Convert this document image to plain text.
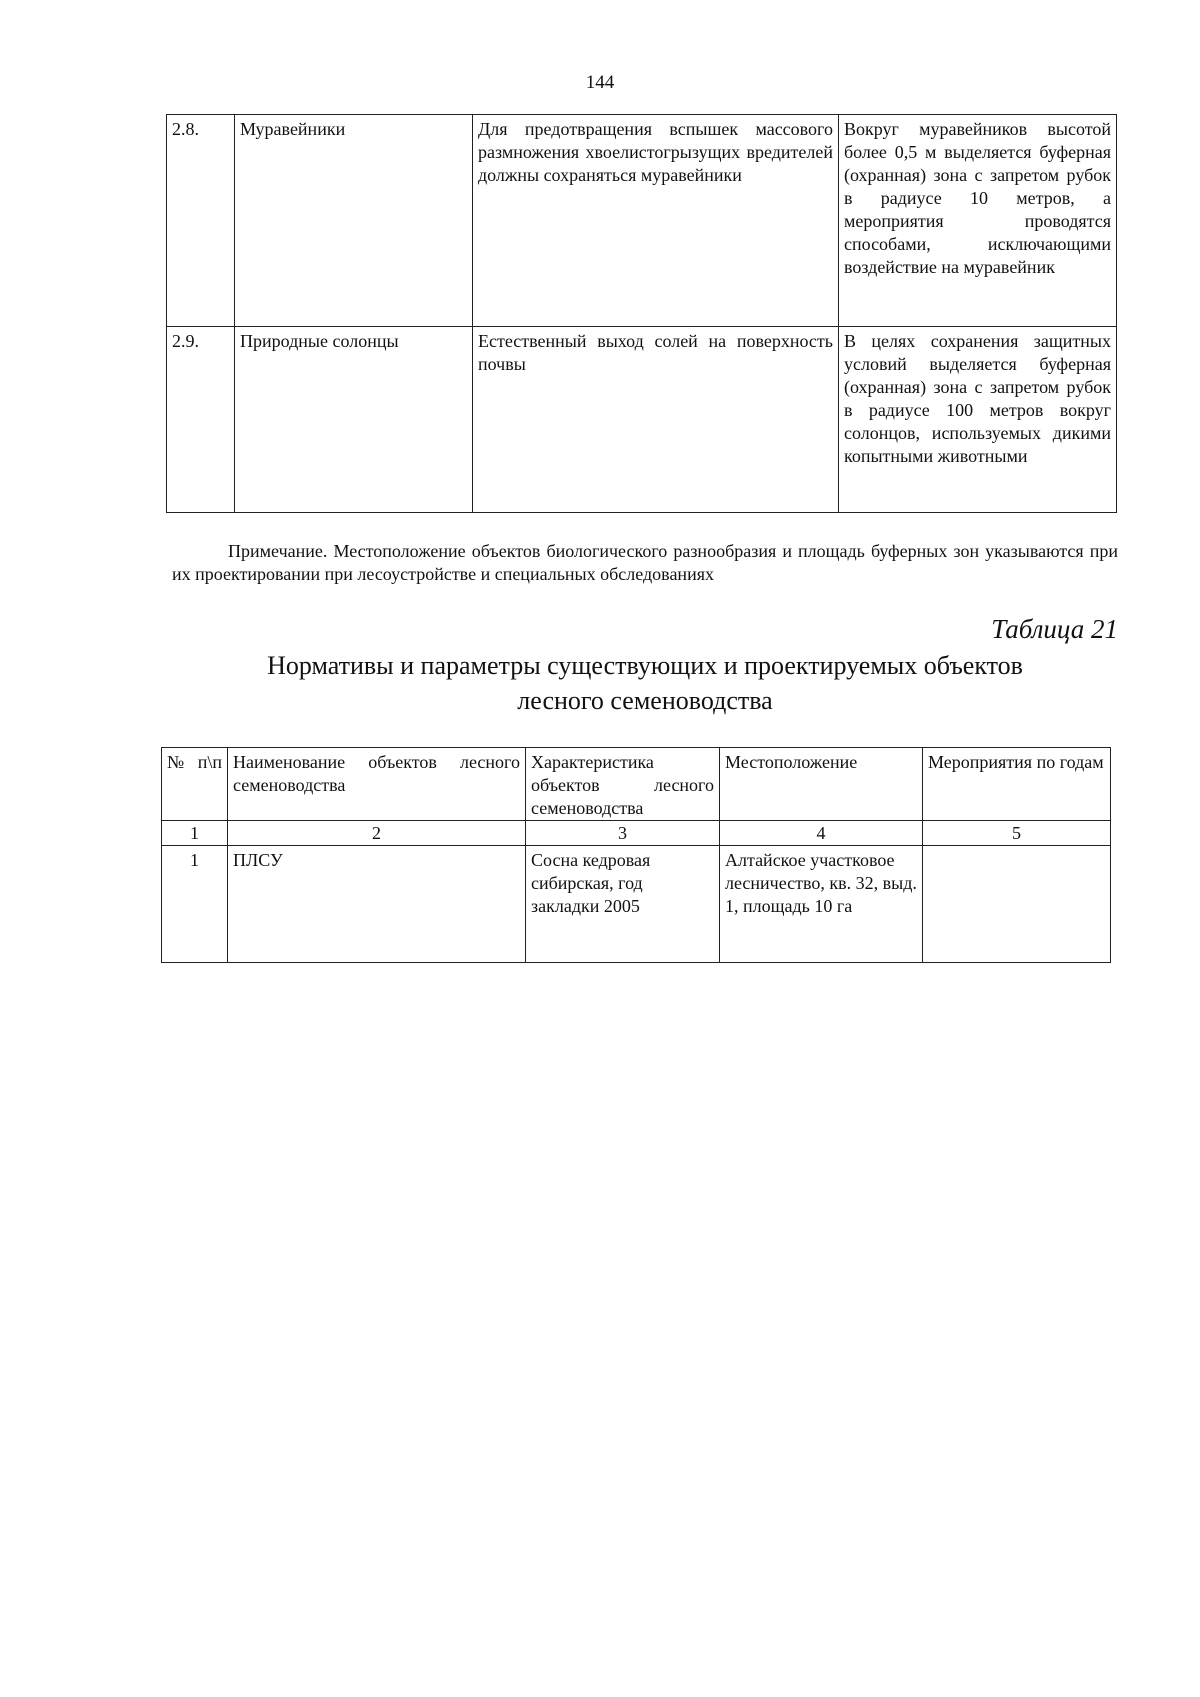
144
2.8.	Муравейники	Для предотвращения вспышек массового размножения хвоелистогрызущих вредителей должны сохраняться муравейники	Вокруг муравейников высотой более 0,5 м выделяется буферная (охранная) зона с запретом рубок в радиусе 10 метров, а мероприятия проводятся способами, исключающими воздействие на муравейник
2.9.	Природные солонцы	Естественный выход солей на поверхность почвы	В целях сохранения защитных условий выделяется буферная (охранная) зона с запретом рубок в радиусе 100 метров вокруг солонцов, используемых дикими копытными животными
Примечание. Местоположение объектов биологического разнообразия и площадь буферных зон указываются при их проектировании при лесоустройстве и специальных обследованиях
Таблица 21
Нормативы и параметры существующих и проектируемых объектов
лесного семеноводства
№ п\п	Наименование объектов лесного семеноводства	Характеристика объектов лесного семеноводства	Местоположение	Мероприятия по годам
1	2	3	4	5
1	ПЛСУ	Сосна кедровая сибирская, год закладки 2005	Алтайское участковое лесничество, кв. 32, выд. 1, площадь 10 га	
